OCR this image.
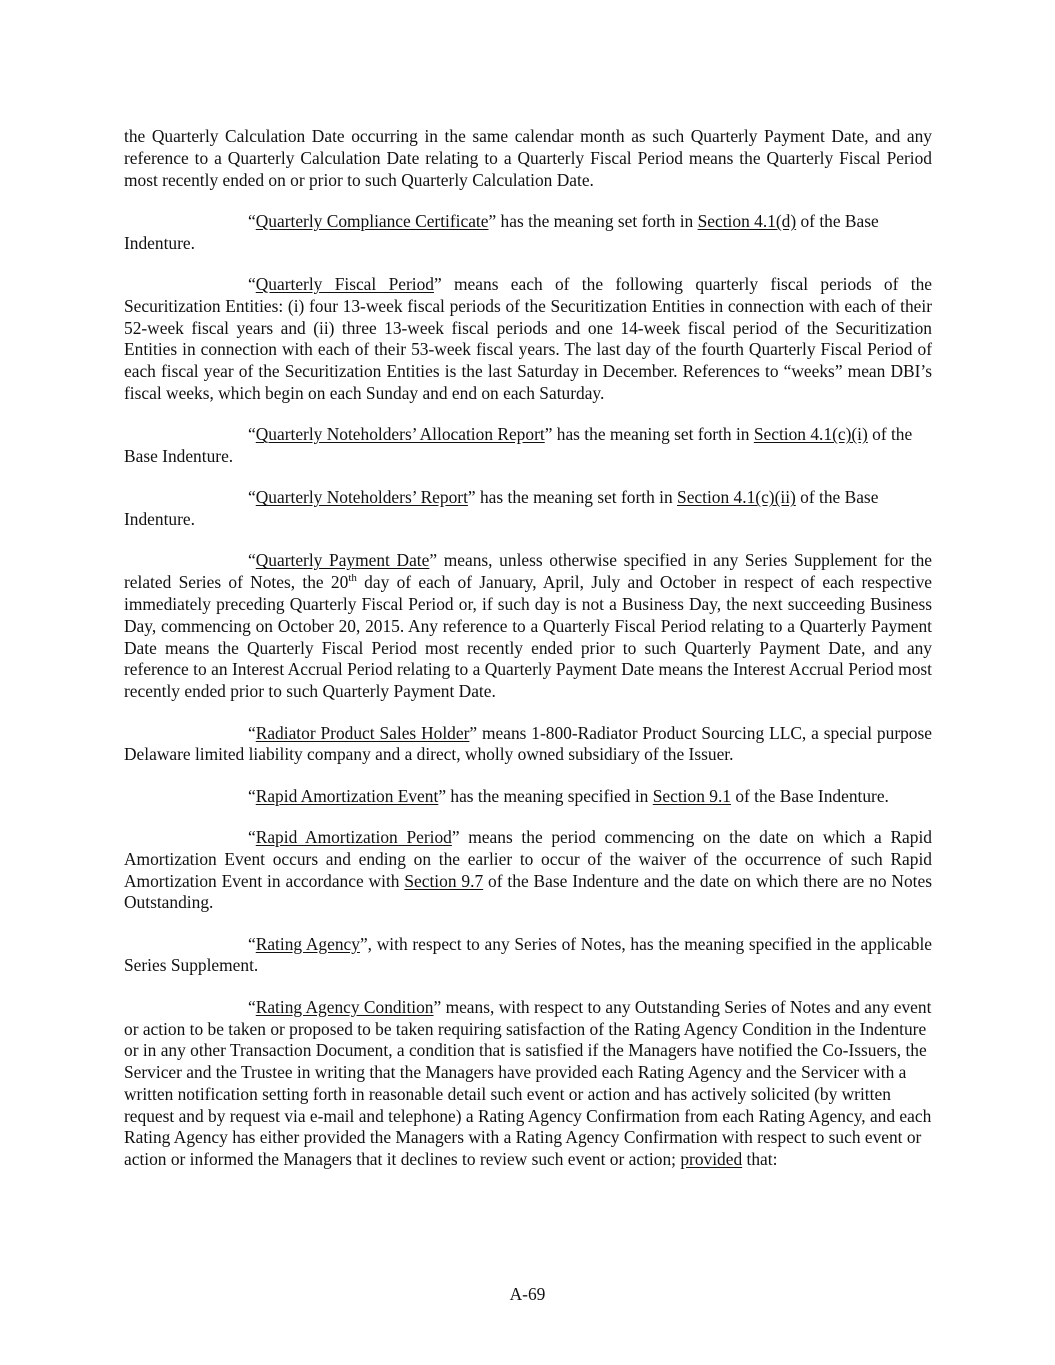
the Quarterly Calculation Date occurring in the same calendar month as such Quarterly Payment Date, and any reference to a Quarterly Calculation Date relating to a Quarterly Fiscal Period means the Quarterly Fiscal Period most recently ended on or prior to such Quarterly Calculation Date.

“Quarterly Compliance Certificate” has the meaning set forth in Section 4.1(d) of the Base Indenture.

“Quarterly Fiscal Period” means each of the following quarterly fiscal periods of the Securitization Entities: (i) four 13-week fiscal periods of the Securitization Entities in connection with each of their 52-week fiscal years and (ii) three 13-week fiscal periods and one 14-week fiscal period of the Securitization Entities in connection with each of their 53-week fiscal years. The last day of the fourth Quarterly Fiscal Period of each fiscal year of the Securitization Entities is the last Saturday in December. References to “weeks” mean DBI’s fiscal weeks, which begin on each Sunday and end on each Saturday.

“Quarterly Noteholders’ Allocation Report” has the meaning set forth in Section 4.1(c)(i) of the Base Indenture.

“Quarterly Noteholders’ Report” has the meaning set forth in Section 4.1(c)(ii) of the Base Indenture.

“Quarterly Payment Date” means, unless otherwise specified in any Series Supplement for the related Series of Notes, the 20th day of each of January, April, July and October in respect of each respective immediately preceding Quarterly Fiscal Period or, if such day is not a Business Day, the next succeeding Business Day, commencing on October 20, 2015. Any reference to a Quarterly Fiscal Period relating to a Quarterly Payment Date means the Quarterly Fiscal Period most recently ended prior to such Quarterly Payment Date, and any reference to an Interest Accrual Period relating to a Quarterly Payment Date means the Interest Accrual Period most recently ended prior to such Quarterly Payment Date.

“Radiator Product Sales Holder” means 1-800-Radiator Product Sourcing LLC, a special purpose Delaware limited liability company and a direct, wholly owned subsidiary of the Issuer.

“Rapid Amortization Event” has the meaning specified in Section 9.1 of the Base Indenture.

“Rapid Amortization Period” means the period commencing on the date on which a Rapid Amortization Event occurs and ending on the earlier to occur of the waiver of the occurrence of such Rapid Amortization Event in accordance with Section 9.7 of the Base Indenture and the date on which there are no Notes Outstanding.

“Rating Agency”, with respect to any Series of Notes, has the meaning specified in the applicable Series Supplement.

“Rating Agency Condition” means, with respect to any Outstanding Series of Notes and any event or action to be taken or proposed to be taken requiring satisfaction of the Rating Agency Condition in the Indenture or in any other Transaction Document, a condition that is satisfied if the Managers have notified the Co-Issuers, the Servicer and the Trustee in writing that the Managers have provided each Rating Agency and the Servicer with a written notification setting forth in reasonable detail such event or action and has actively solicited (by written request and by request via e-mail and telephone) a Rating Agency Confirmation from each Rating Agency, and each Rating Agency has either provided the Managers with a Rating Agency Confirmation with respect to such event or action or informed the Managers that it declines to review such event or action; provided that:

A-69
